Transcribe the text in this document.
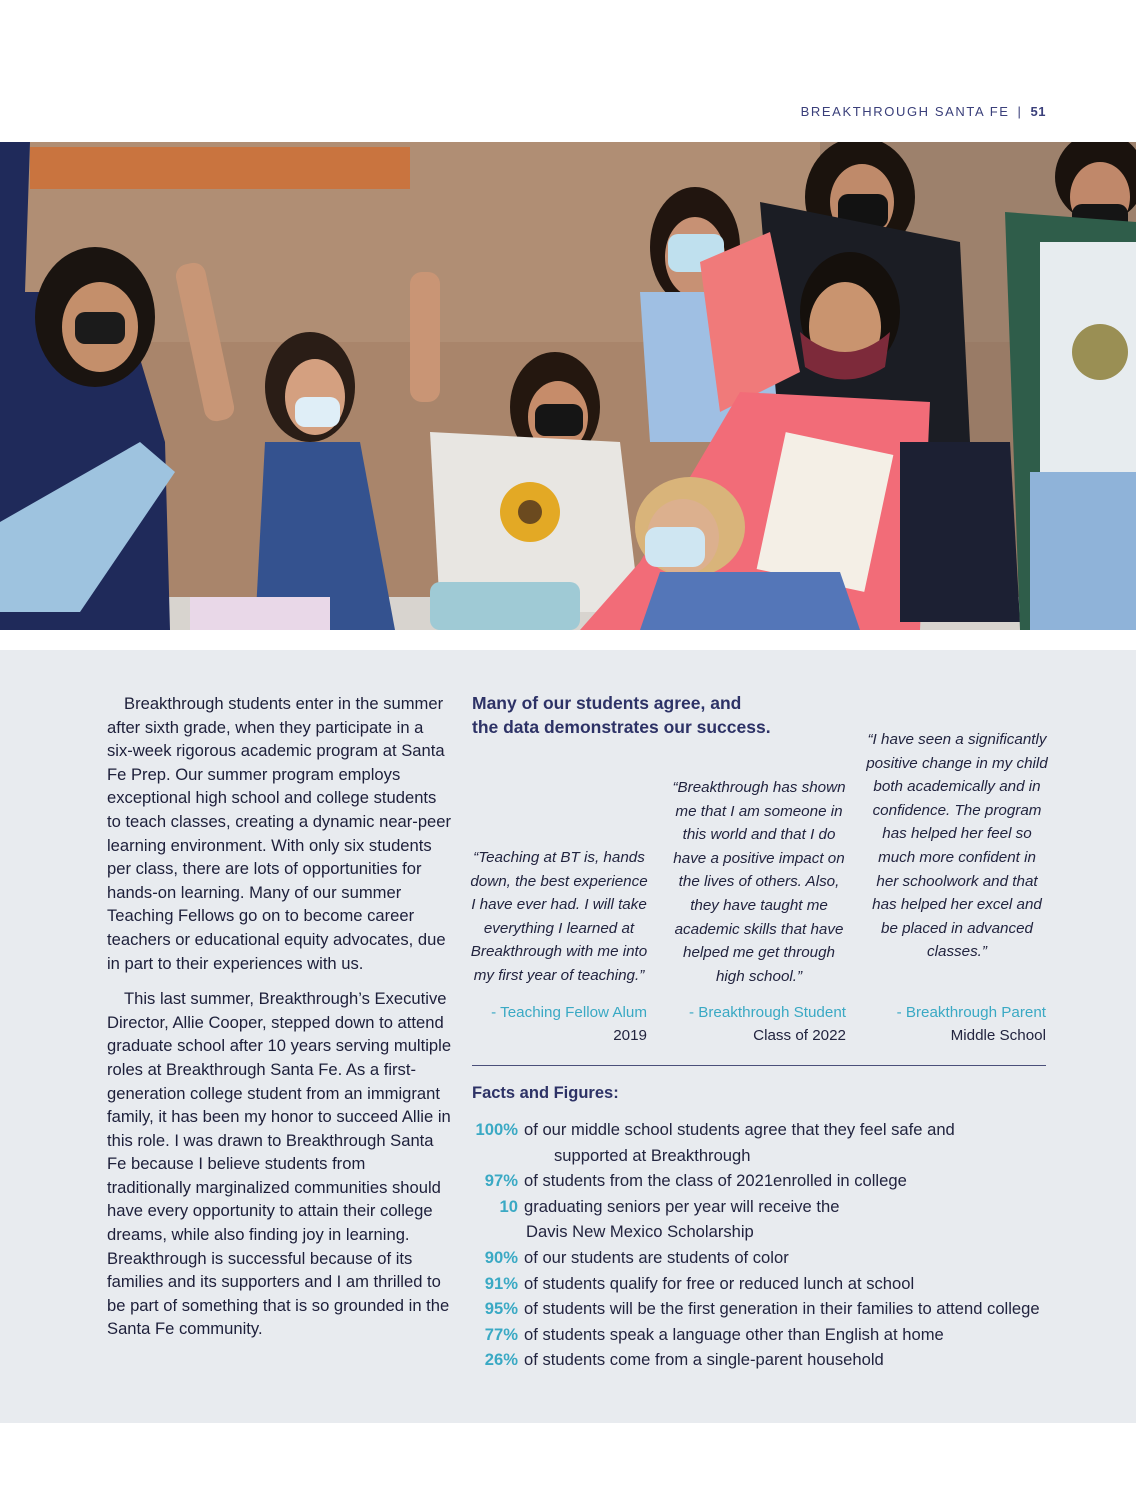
BREAKTHROUGH SANTA FE | 51

Breakthrough students enter in the summer after sixth grade, when they participate in a six-week rigorous academic program at Santa Fe Prep. Our summer program employs exceptional high school and college students to teach classes, creating a dynamic near-peer learning environment. With only six students per class, there are lots of opportunities for hands-on learning. Many of our summer Teaching Fellows go on to become career teachers or educational equity advocates, due in part to their experiences with us.

This last summer, Breakthrough’s Executive Director, Allie Cooper, stepped down to attend graduate school after 10 years serving multiple roles at Breakthrough Santa Fe. As a first-generation college student from an immigrant family, it has been my honor to succeed Allie in this role. I was drawn to Breakthrough Santa Fe because I believe students from traditionally marginalized communities should have every opportunity to attain their college dreams, while also finding joy in learning. Breakthrough is successful because of its families and its supporters and I am thrilled to be part of something that is so grounded in the Santa Fe community.

Many of our students agree, and the data demonstrates our success.
“Teaching at BT is, hands down, the best experience I have ever had. I will take everything I learned at Breakthrough with me into my first year of teaching.”
“Breakthrough has shown me that I am someone in this world and that I do have a positive impact on the lives of others. Also, they have taught me academic skills that have helped me get through high school.”
“I have seen a significantly positive change in my child both academically and in confidence. The program has helped her feel so much more confident in her schoolwork and that has helped her excel and be placed in advanced classes.”
- Teaching Fellow Alum
2019
- Breakthrough Student
Class of 2022
- Breakthrough Parent
Middle School
Facts and Figures:
100% of our middle school students agree that they feel safe and
supported at Breakthrough
97% of students from the class of 2021enrolled in college
10 graduating seniors per year will receive the
Davis New Mexico Scholarship
90% of our students are students of color
91% of students qualify for free or reduced lunch at school
95% of students will be the first generation in their families to attend college
77% of students speak a language other than English at home
26% of students come from a single-parent household
